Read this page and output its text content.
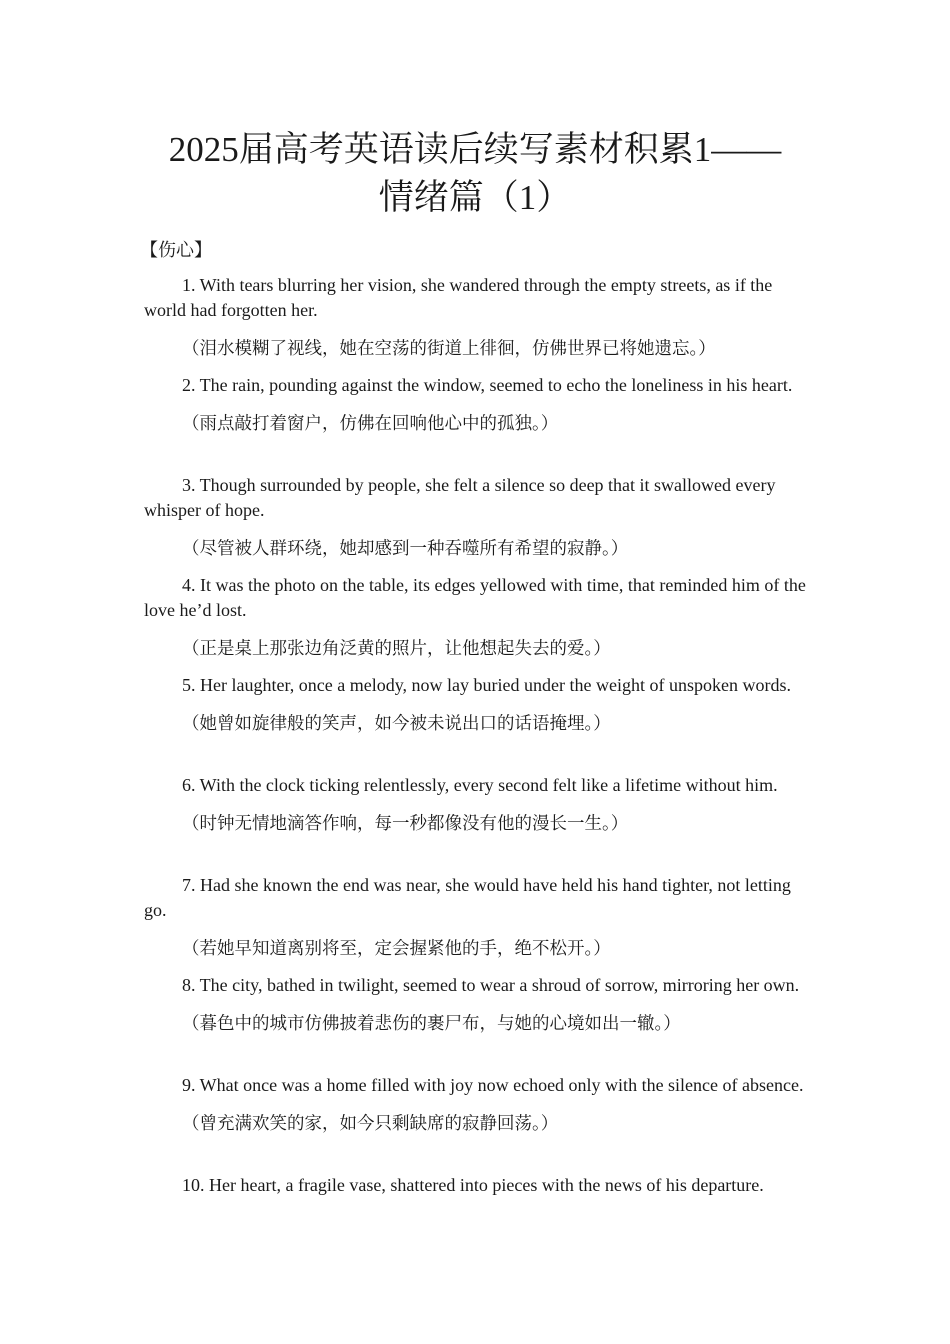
2025届高考英语读后续写素材积累1——
情绪篇（1）

【伤心】

1. With tears blurring her vision, she wandered through the empty streets, as if the world had forgotten her.

（泪水模糊了视线，她在空荡的街道上徘徊，仿佛世界已将她遗忘。）

2. The rain, pounding against the window, seemed to echo the loneliness in his heart.

（雨点敲打着窗户，仿佛在回响他心中的孤独。）

3. Though surrounded by people, she felt a silence so deep that it swallowed every whisper of hope.

（尽管被人群环绕，她却感到一种吞噬所有希望的寂静。）

4. It was the photo on the table, its edges yellowed with time, that reminded him of the love he’d lost.

（正是桌上那张边角泛黄的照片，让他想起失去的爱。）

5. Her laughter, once a melody, now lay buried under the weight of unspoken words.

（她曾如旋律般的笑声，如今被未说出口的话语掩埋。）

6. With the clock ticking relentlessly, every second felt like a lifetime without him.

（时钟无情地滴答作响，每一秒都像没有他的漫长一生。）

7. Had she known the end was near, she would have held his hand tighter, not letting go.

（若她早知道离别将至，定会握紧他的手，绝不松开。）

8. The city, bathed in twilight, seemed to wear a shroud of sorrow, mirroring her own.

（暮色中的城市仿佛披着悲伤的裹尸布，与她的心境如出一辙。）

9. What once was a home filled with joy now echoed only with the silence of absence.

（曾充满欢笑的家，如今只剩缺席的寂静回荡。）

10. Her heart, a fragile vase, shattered into pieces with the news of his departure.
